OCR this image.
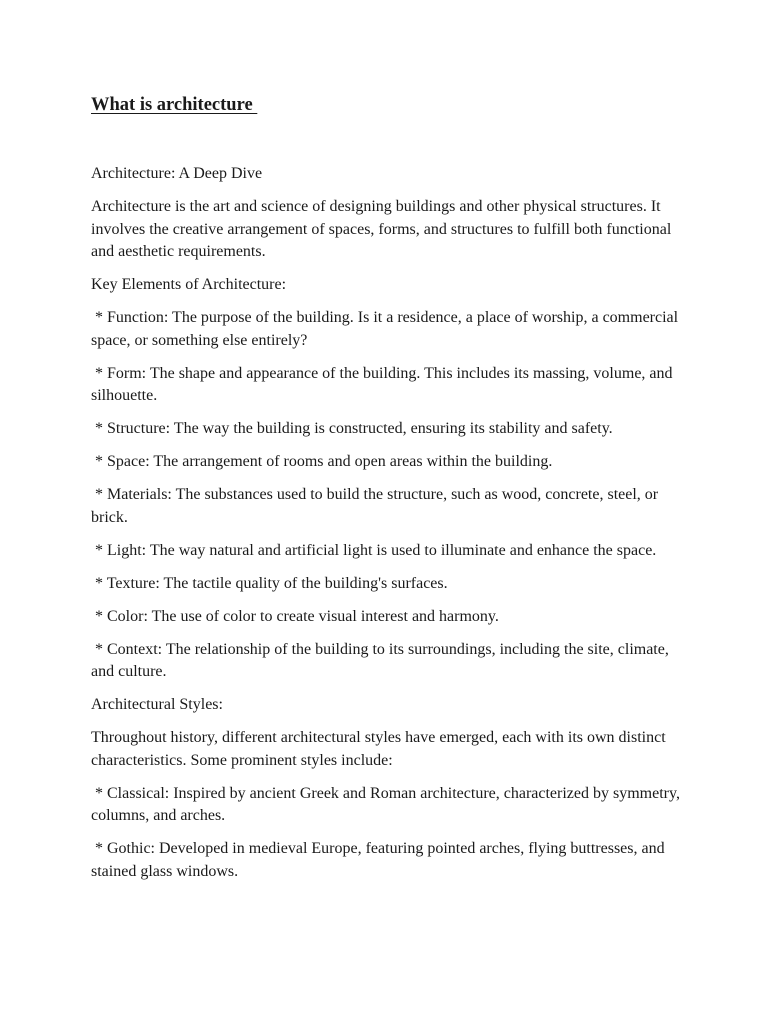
What is architecture

Architecture: A Deep Dive

Architecture is the art and science of designing buildings and other physical structures. It involves the creative arrangement of spaces, forms, and structures to fulfill both functional and aesthetic requirements.

Key Elements of Architecture:

* Function: The purpose of the building. Is it a residence, a place of worship, a commercial space, or something else entirely?

* Form: The shape and appearance of the building. This includes its massing, volume, and silhouette.

* Structure: The way the building is constructed, ensuring its stability and safety.

* Space: The arrangement of rooms and open areas within the building.

* Materials: The substances used to build the structure, such as wood, concrete, steel, or brick.

* Light: The way natural and artificial light is used to illuminate and enhance the space.

* Texture: The tactile quality of the building's surfaces.

* Color: The use of color to create visual interest and harmony.

* Context: The relationship of the building to its surroundings, including the site, climate, and culture.

Architectural Styles:

Throughout history, different architectural styles have emerged, each with its own distinct characteristics. Some prominent styles include:

* Classical: Inspired by ancient Greek and Roman architecture, characterized by symmetry, columns, and arches.

* Gothic: Developed in medieval Europe, featuring pointed arches, flying buttresses, and stained glass windows.
